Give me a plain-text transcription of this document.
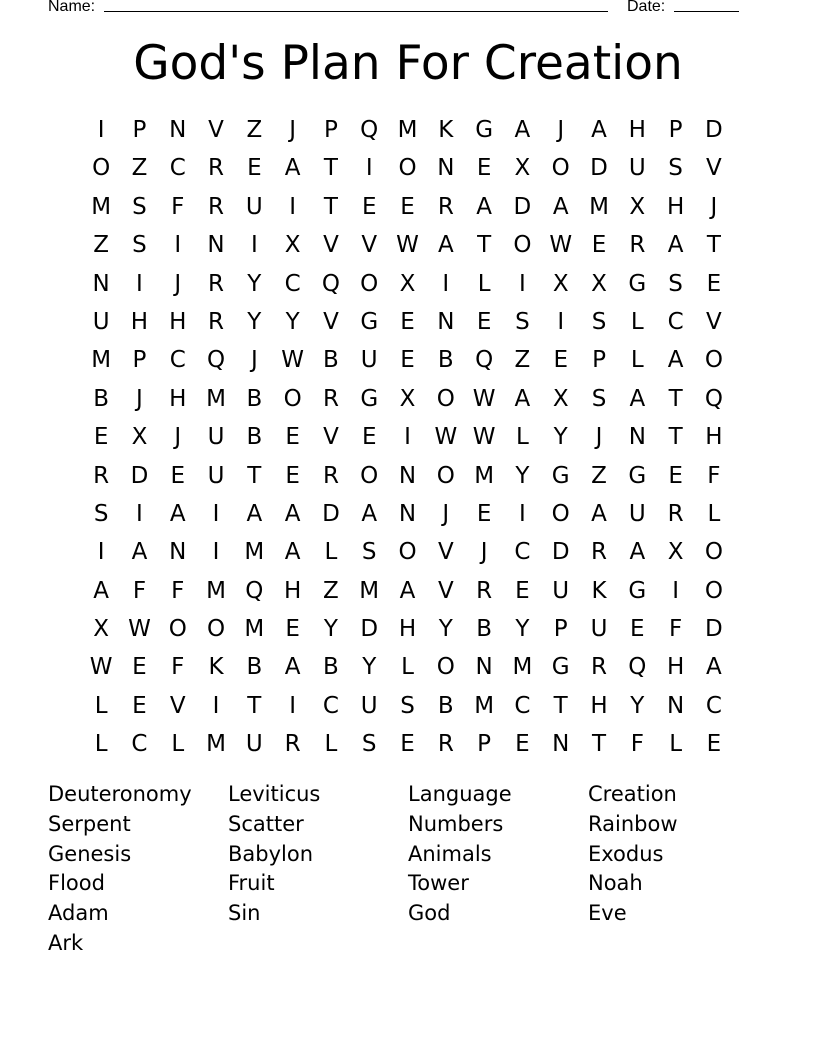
Name:	Date:
God's Plan For Creation
I	P N V Z	J	P Q M K G A	J	A H P D
O Z C R	E	A	T	I	O N E	X O D U S	V
M S	F	R U	I	T	E	E	R A D A M X H	J
Z	S	I	N	I	X V V W A	T O W E	R A	T
N	I	J	R	Y	C Q O X	I	L	I	X X G S	E
U H H R	Y	Y	V G E N E	S	I	S	L	C V
M P	C Q	J	W B U E	B Q Z	E	P	L	A O
B	J	H M B O R G X O W A X	S	A	T Q
E	X	J	U B	E	V	E	I	W W L	Y	J	N T H
R D E U T	E	R O N O M Y G Z G E	F
S	I	A	I	A A D A N	J	E	I	O A U R	L
I	A N	I	M A	L	S O V	J	C D R A X O
A	F	F M Q H Z M A V R	E U K G	I	O
X W O O M E	Y D H Y	B	Y	P U E	F D
W E	F	K B A B	Y	L O N M G R Q H A
L	E	V	I	T	I	C U S	B M C	T H Y N C
L	C	L M U R	L	S	E	R	P	E N T	F	L	E
Deuteronomy	Leviticus	Language	Creation
Serpent	Scatter	Numbers	Rainbow
Genesis	Babylon	Animals	Exodus
Flood	Fruit	Tower	Noah
Adam	Sin	God	Eve
Ark
